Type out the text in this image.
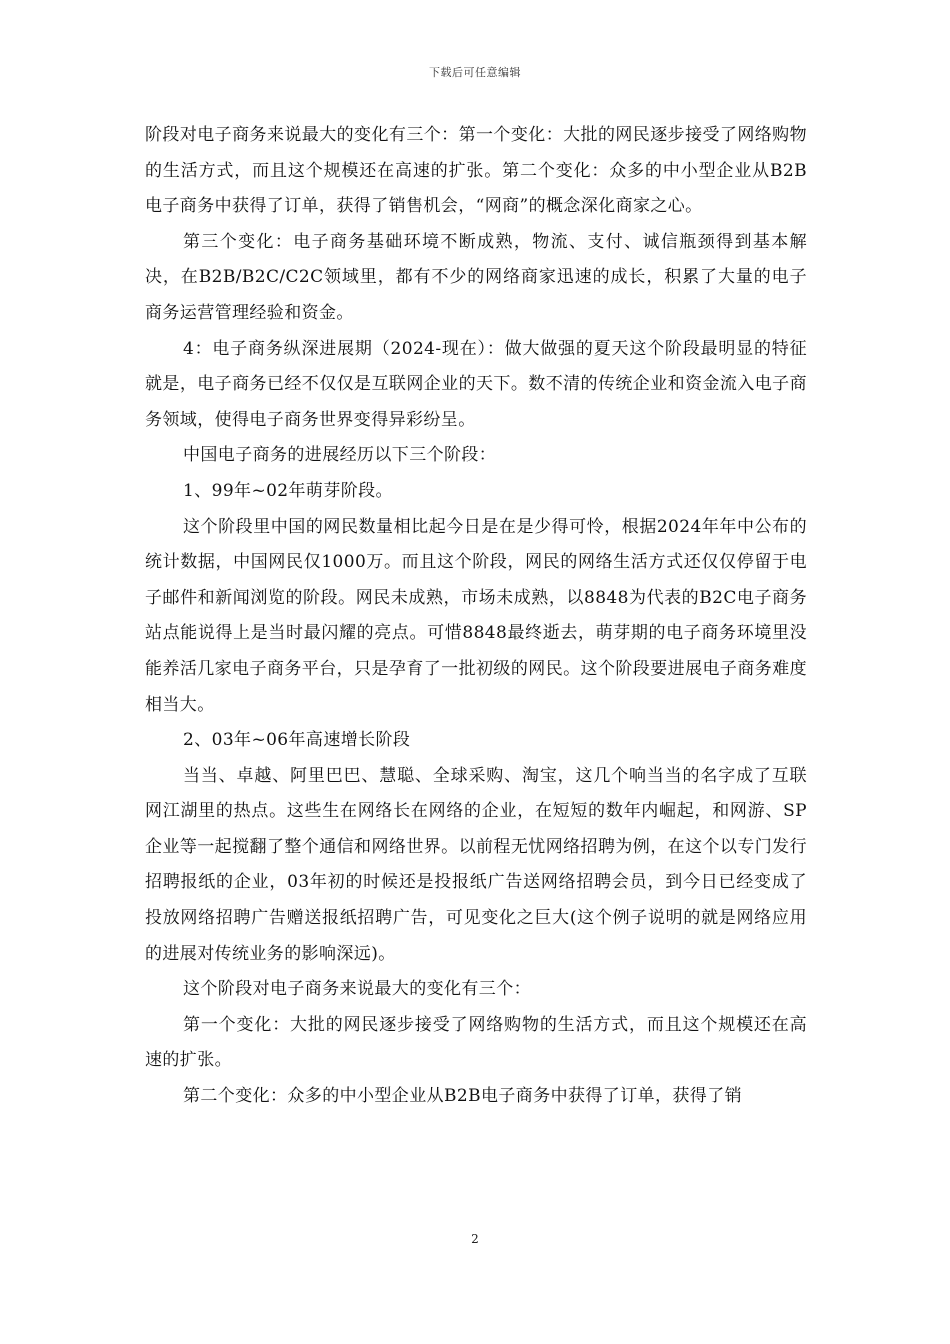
下载后可任意编辑

阶段对电子商务来说最大的变化有三个：第一个变化：大批的网民逐步接受了网络购物的生活方式，而且这个规模还在高速的扩张。第二个变化：众多的中小型企业从B2B电子商务中获得了订单，获得了销售机会，“网商”的概念深化商家之心。

第三个变化：电子商务基础环境不断成熟，物流、支付、诚信瓶颈得到基本解决，在B2B/B2C/C2C领域里，都有不少的网络商家迅速的成长，积累了大量的电子商务运营管理经验和资金。

4：电子商务纵深进展期（2024-现在）：做大做强的夏天这个阶段最明显的特征就是，电子商务已经不仅仅是互联网企业的天下。数不清的传统企业和资金流入电子商务领域，使得电子商务世界变得异彩纷呈。

中国电子商务的进展经历以下三个阶段：

1、99年~02年萌芽阶段。

这个阶段里中国的网民数量相比起今日是在是少得可怜，根据2024年年中公布的统计数据，中国网民仅1000万。而且这个阶段，网民的网络生活方式还仅仅停留于电子邮件和新闻浏览的阶段。网民未成熟，市场未成熟，以8848为代表的B2C电子商务站点能说得上是当时最闪耀的亮点。可惜8848最终逝去，萌芽期的电子商务环境里没能养活几家电子商务平台，只是孕育了一批初级的网民。这个阶段要进展电子商务难度相当大。

2、03年~06年高速增长阶段

当当、卓越、阿里巴巴、慧聪、全球采购、淘宝，这几个响当当的名字成了互联网江湖里的热点。这些生在网络长在网络的企业，在短短的数年内崛起，和网游、SP企业等一起搅翻了整个通信和网络世界。以前程无忧网络招聘为例，在这个以专门发行招聘报纸的企业，03年初的时候还是投报纸广告送网络招聘会员，到今日已经变成了投放网络招聘广告赠送报纸招聘广告，可见变化之巨大(这个例子说明的就是网络应用的进展对传统业务的影响深远)。

这个阶段对电子商务来说最大的变化有三个：

第一个变化：大批的网民逐步接受了网络购物的生活方式，而且这个规模还在高速的扩张。

第二个变化：众多的中小型企业从B2B电子商务中获得了订单，获得了销

2
